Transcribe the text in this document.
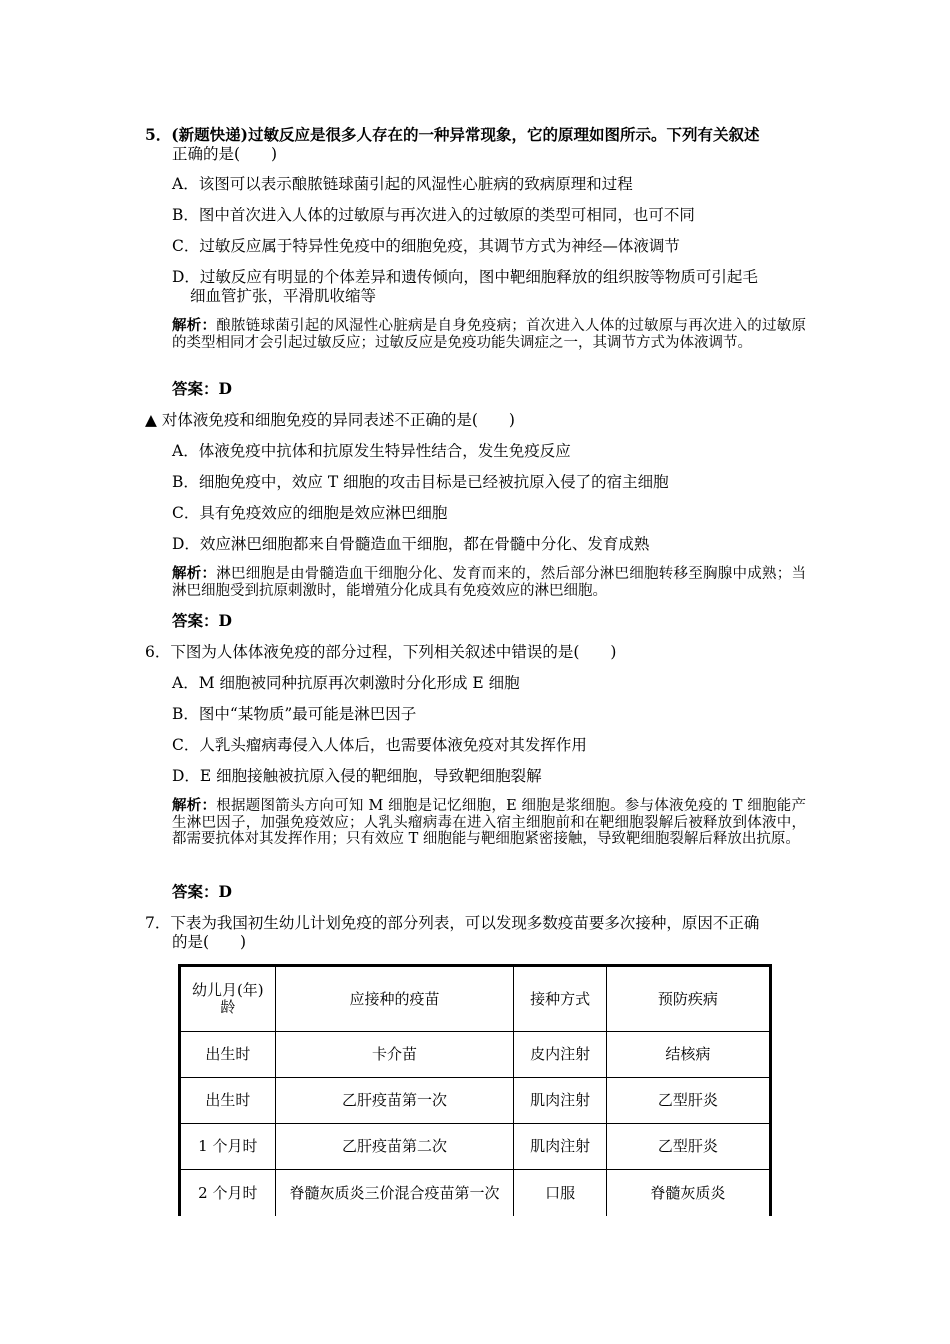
5．(新题快递)过敏反应是很多人存在的一种异常现象，它的原理如图所示。下列有关叙述
正确的是(　　)
A．该图可以表示酿脓链球菌引起的风湿性心脏病的致病原理和过程
B．图中首次进入人体的过敏原与再次进入的过敏原的类型可相同，也可不同
C．过敏反应属于特异性免疫中的细胞免疫，其调节方式为神经—体液调节
D．过敏反应有明显的个体差异和遗传倾向，图中靶细胞释放的组织胺等物质可引起毛
细血管扩张，平滑肌收缩等
解析：酿脓链球菌引起的风湿性心脏病是自身免疫病；首次进入人体的过敏原与再次进入的过敏原的类型相同才会引起过敏反应；过敏反应是免疫功能失调症之一，其调节方式为体液调节。
答案：D
▲ 对体液免疫和细胞免疫的异同表述不正确的是(　　)
A．体液免疫中抗体和抗原发生特异性结合，发生免疫反应
B．细胞免疫中，效应 T 细胞的攻击目标是已经被抗原入侵了的宿主细胞
C．具有免疫效应的细胞是效应淋巴细胞
D．效应淋巴细胞都来自骨髓造血干细胞，都在骨髓中分化、发育成熟
解析：淋巴细胞是由骨髓造血干细胞分化、发育而来的，然后部分淋巴细胞转移至胸腺中成熟；当淋巴细胞受到抗原刺激时，能增殖分化成具有免疫效应的淋巴细胞。
答案：D
6．下图为人体体液免疫的部分过程，下列相关叙述中错误的是(　　)
A．M 细胞被同种抗原再次刺激时分化形成 E 细胞
B．图中“某物质”最可能是淋巴因子
C．人乳头瘤病毒侵入人体后，也需要体液免疫对其发挥作用
D．E 细胞接触被抗原入侵的靶细胞，导致靶细胞裂解
解析：根据题图箭头方向可知 M 细胞是记忆细胞，E 细胞是浆细胞。参与体液免疫的 T 细胞能产生淋巴因子，加强免疫效应；人乳头瘤病毒在进入宿主细胞前和在靶细胞裂解后被释放到体液中，都需要抗体对其发挥作用；只有效应 T 细胞能与靶细胞紧密接触，导致靶细胞裂解后释放出抗原。
答案：D
7．下表为我国初生幼儿计划免疫的部分列表，可以发现多数疫苗要多次接种，原因不正确
的是(　　)
幼儿月(年)龄	应接种的疫苗	接种方式	预防疾病
出生时	卡介苗	皮内注射	结核病
出生时	乙肝疫苗第一次	肌肉注射	乙型肝炎
1 个月时	乙肝疫苗第二次	肌肉注射	乙型肝炎
2 个月时	脊髓灰质炎三价混合疫苗第一次	口服	脊髓灰质炎
